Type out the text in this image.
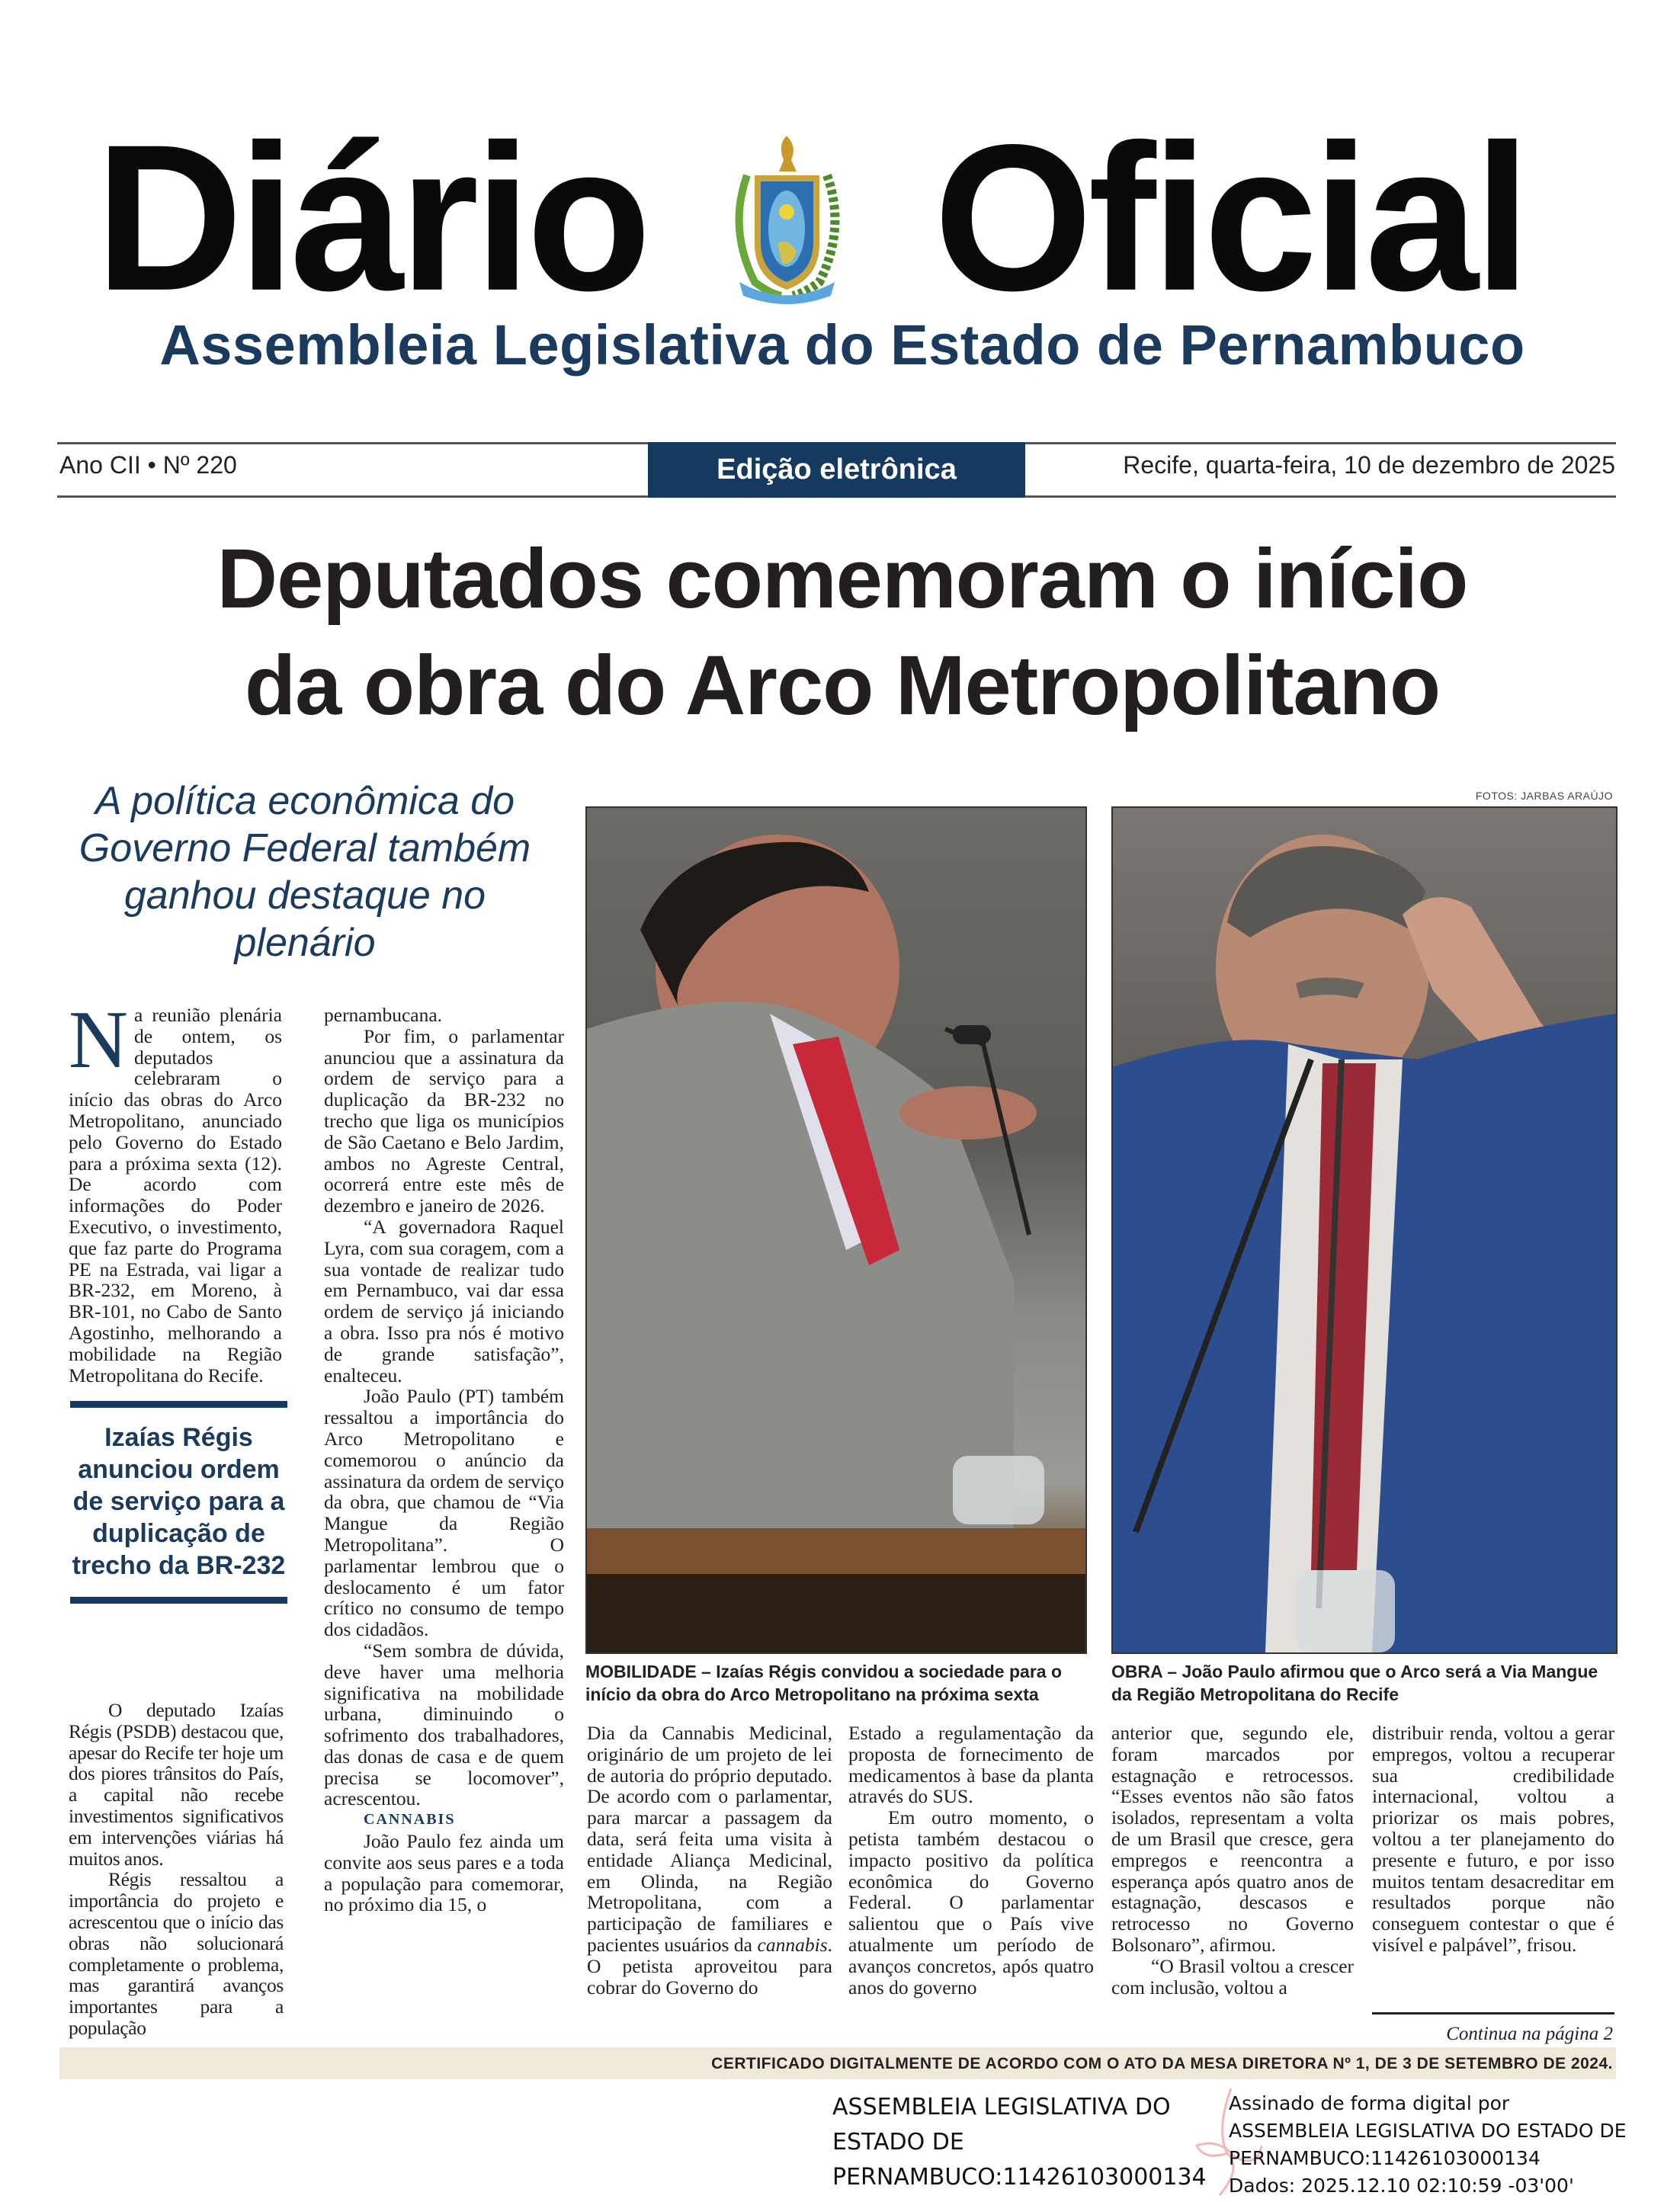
Diário Oficial
Assembleia Legislativa do Estado de Pernambuco
Ano CII • Nº 220	Edição eletrônica	Recife, quarta-feira, 10 de dezembro de 2025
Deputados comemoram o início
da obra do Arco Metropolitano
A política econômica do Governo Federal também ganhou destaque no plenário
FOTOS: JARBAS ARAÚJO
N a reunião plenária de ontem, os deputados celebraram o início das obras do Arco Metropolitano, anunciado pelo Governo do Estado para a próxima sexta (12). De acordo com informações do Poder Executivo, o investimento, que faz parte do Programa PE na Estrada, vai ligar a BR-232, em Moreno, à BR-101, no Cabo de Santo Agostinho, melhorando a mobilidade na Região Metropolitana do Recife.

Izaías Régis anunciou ordem de serviço para a duplicação de trecho da BR-232

O deputado Izaías Régis (PSDB) destacou que, apesar do Recife ter hoje um dos piores trânsitos do País, a capital não recebe investimentos significativos em intervenções viárias há muitos anos.

Régis ressaltou a importância do projeto e acrescentou que o início das obras não solucionará completamente o problema, mas garantirá avanços importantes para a população

pernambucana.

Por fim, o parlamentar anunciou que a assinatura da ordem de serviço para a duplicação da BR-232 no trecho que liga os municípios de São Caetano e Belo Jardim, ambos no Agreste Central, ocorrerá entre este mês de dezembro e janeiro de 2026.

“A governadora Raquel Lyra, com sua coragem, com a sua vontade de realizar tudo em Pernambuco, vai dar essa ordem de serviço já iniciando a obra. Isso pra nós é motivo de grande satisfação”, enalteceu.

João Paulo (PT) também ressaltou a importância do Arco Metropolitano e comemorou o anúncio da assinatura da ordem de serviço da obra, que chamou de “Via Mangue da Região Metropolitana”. O parlamentar lembrou que o deslocamento é um fator crítico no consumo de tempo dos cidadãos.

“Sem sombra de dúvida, deve haver uma melhoria significativa na mobilidade urbana, diminuindo o sofrimento dos trabalhadores, das donas de casa e de quem precisa se locomover”, acrescentou.

CANNABIS

João Paulo fez ainda um convite aos seus pares e a toda a população para comemorar, no próximo dia 15, o

MOBILIDADE – Izaías Régis convidou a sociedade para o início da obra do Arco Metropolitano na próxima sexta
OBRA – João Paulo afirmou que o Arco será a Via Mangue da Região Metropolitana do Recife

Dia da Cannabis Medicinal, originário de um projeto de lei de autoria do próprio deputado. De acordo com o parlamentar, para marcar a passagem da data, será feita uma visita à entidade Aliança Medicinal, em Olinda, na Região Metropolitana, com a participação de familiares e pacientes usuários da cannabis. O petista aproveitou para cobrar do Governo do

Estado a regulamentação da proposta de fornecimento de medicamentos à base da planta através do SUS.

Em outro momento, o petista também destacou o impacto positivo da política econômica do Governo Federal. O parlamentar salientou que o País vive atualmente um período de avanços concretos, após quatro anos do governo

anterior que, segundo ele, foram marcados por estagnação e retrocessos. “Esses eventos não são fatos isolados, representam a volta de um Brasil que cresce, gera empregos e reencontra a esperança após quatro anos de estagnação, descasos e retrocesso no Governo Bolsonaro”, afirmou.

“O Brasil voltou a crescer com inclusão, voltou a

distribuir renda, voltou a gerar empregos, voltou a recuperar sua credibilidade internacional, voltou a priorizar os mais pobres, voltou a ter planejamento do presente e futuro, e por isso muitos tentam desacreditar em resultados porque não conseguem contestar o que é visível e palpável”, frisou.

Continua na página 2
CERTIFICADO DIGITALMENTE DE ACORDO COM O ATO DA MESA DIRETORA Nº 1, DE 3 DE SETEMBRO DE 2024.
ASSEMBLEIA LEGISLATIVA DO ESTADO DE PERNAMBUCO:11426103000134
Assinado de forma digital por
ASSEMBLEIA LEGISLATIVA DO ESTADO DE PERNAMBUCO:11426103000134
Dados: 2025.12.10 02:10:59 -03'00'
